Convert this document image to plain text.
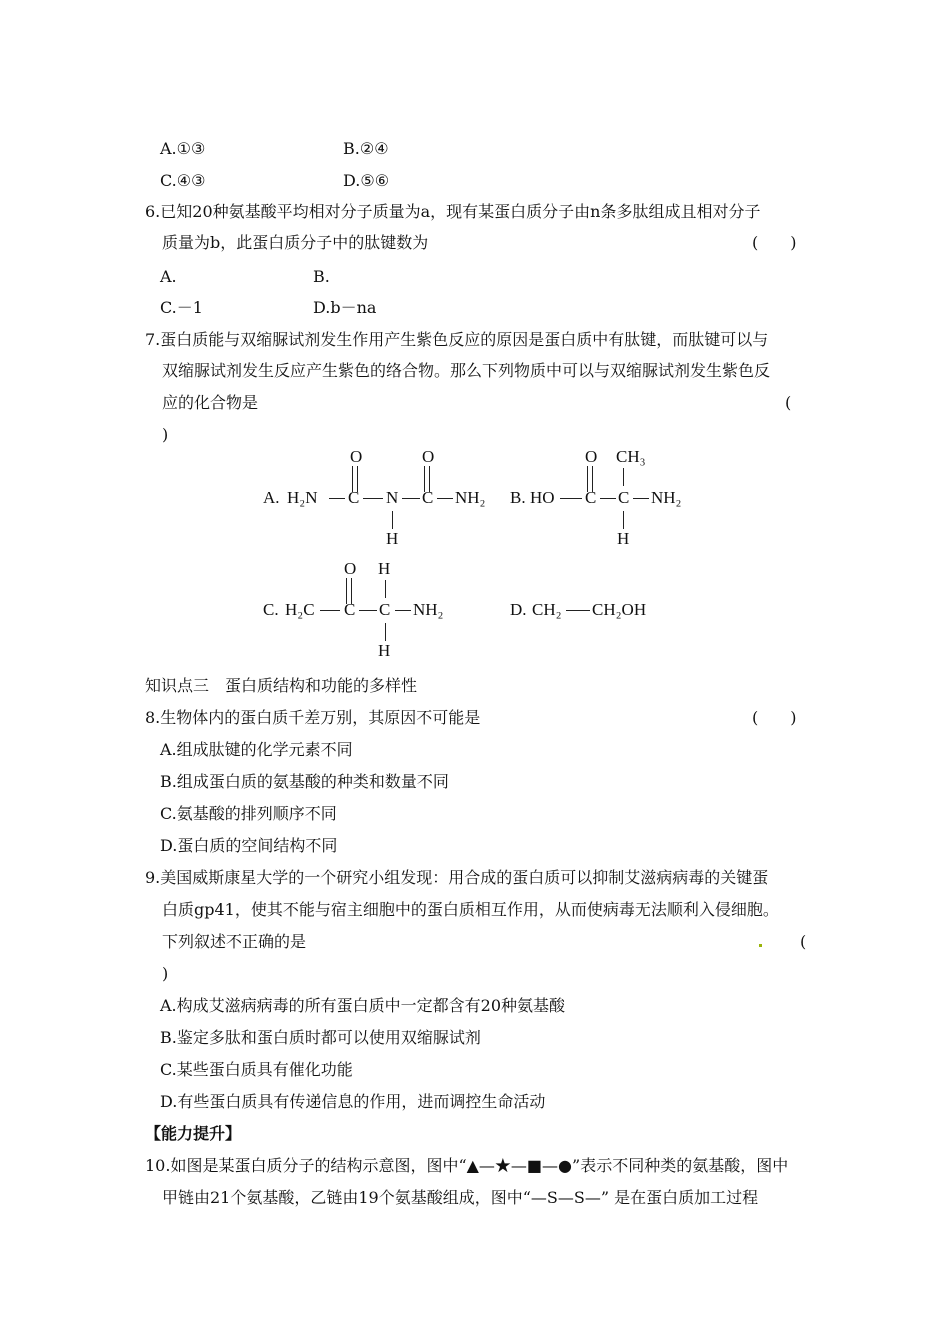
A.①③	B.②④
C.④③	D.⑤⑥
6.已知20种氨基酸平均相对分子质量为a，现有某蛋白质分子由n条多肽组成且相对分子
质量为b，此蛋白质分子中的肽键数为	(　　)
A.	B.
C.－1	D.b－na
7.蛋白质能与双缩脲试剂发生作用产生紫色反应的原因是蛋白质中有肽键，而肽键可以与
双缩脲试剂发生反应产生紫色的络合物。那么下列物质中可以与双缩脲试剂发生紫色反
应的化合物是	(
)
A. H₂N C
O
N
H
C
O
NH₂ B. HO C
O
C
CH₃
H
NH₂
C. H₂C C
O
C
H
H
NH₂	D. CH₂ CH₂OH
知识点三　蛋白质结构和功能的多样性
8.生物体内的蛋白质千差万别，其原因不可能是	(　　)
A.组成肽键的化学元素不同
B.组成蛋白质的氨基酸的种类和数量不同
C.氨基酸的排列顺序不同
D.蛋白质的空间结构不同
9.美国威斯康星大学的一个研究小组发现：用合成的蛋白质可以抑制艾滋病病毒的关键蛋
白质gp41，使其不能与宿主细胞中的蛋白质相互作用，从而使病毒无法顺利入侵细胞。
下列叙述不正确的是	(
)
A.构成艾滋病病毒的所有蛋白质中一定都含有20种氨基酸
B.鉴定多肽和蛋白质时都可以使用双缩脲试剂
C.某些蛋白质具有催化功能
D.有些蛋白质具有传递信息的作用，进而调控生命活动
【能力提升】
10.如图是某蛋白质分子的结构示意图，图中“▲—★—■—●”表示不同种类的氨基酸，图中
甲链由21个氨基酸，乙链由19个氨基酸组成，图中“—S—S—” 是在蛋白质加工过程
